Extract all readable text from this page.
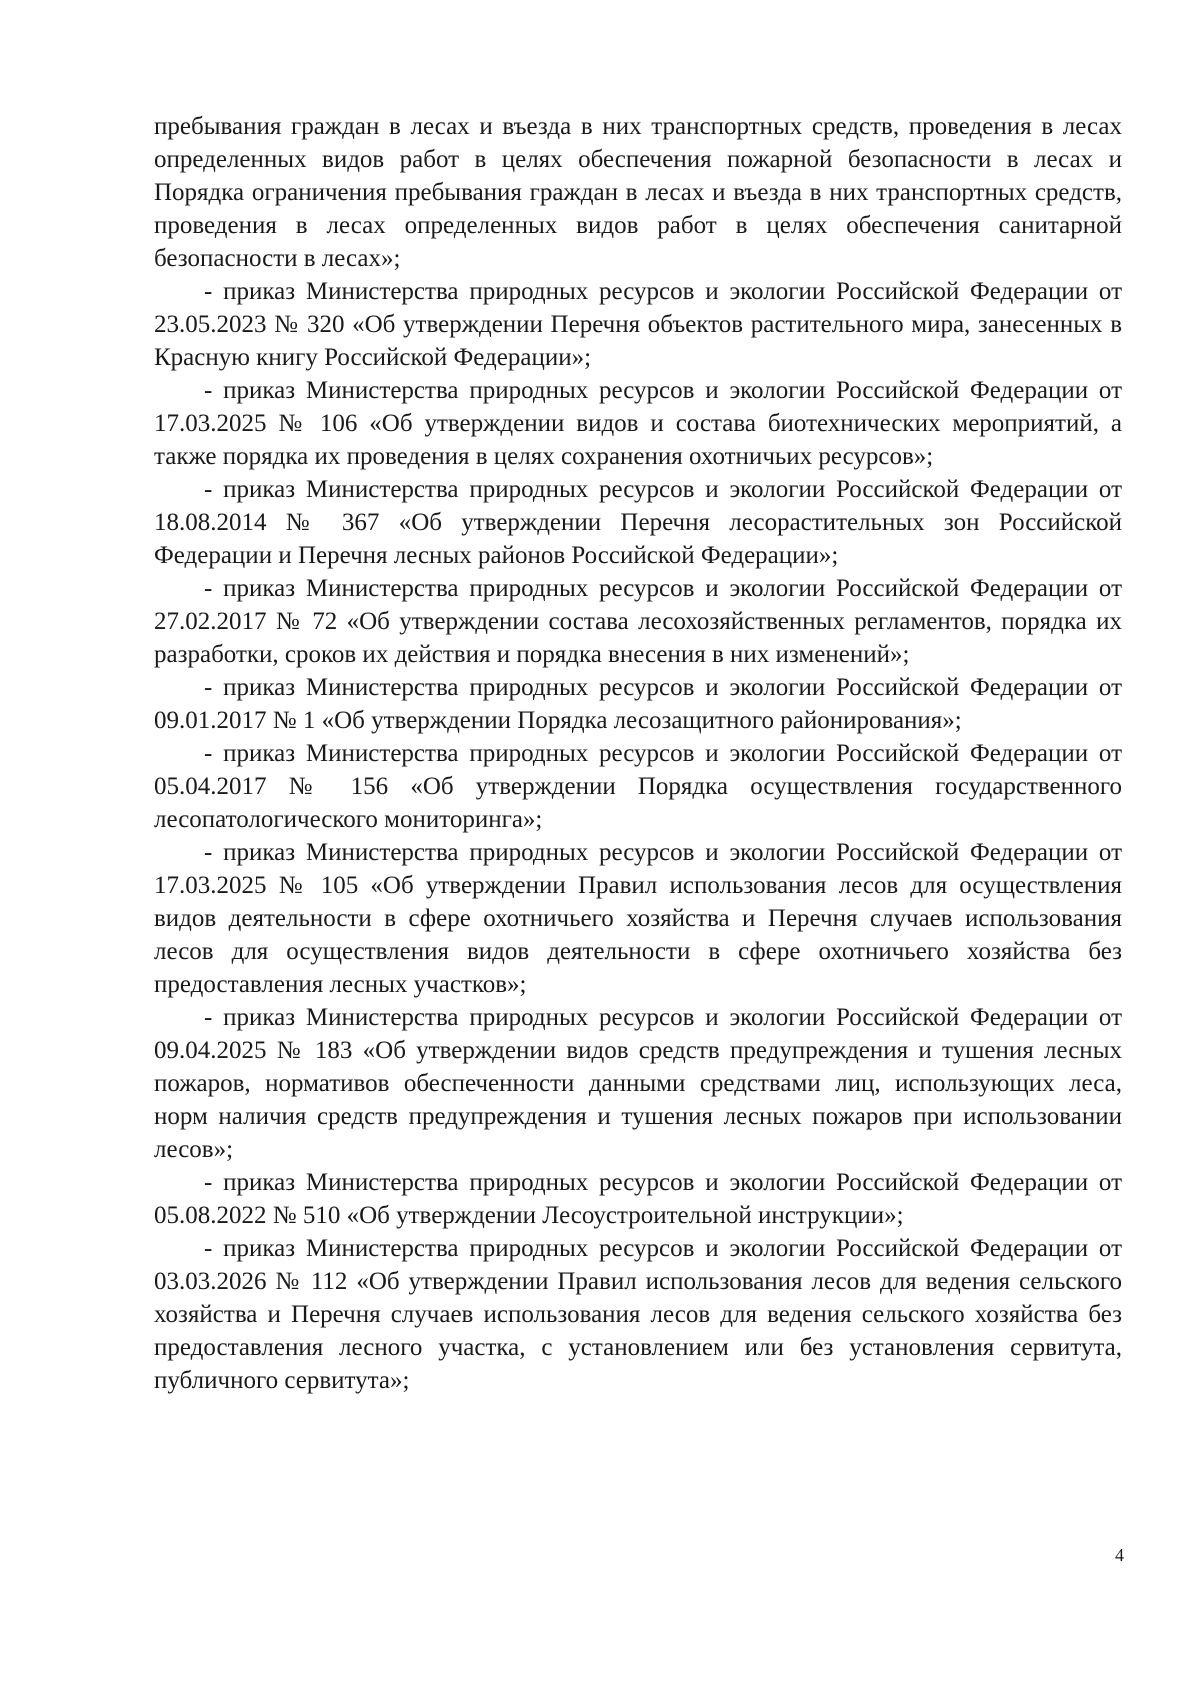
пребывания граждан в лесах и въезда в них транспортных средств, проведения в лесах определенных видов работ в целях обеспечения пожарной безопасности в лесах и Порядка ограничения пребывания граждан в лесах и въезда в них транспортных средств, проведения в лесах определенных видов работ в целях обеспечения санитарной безопасности в лесах»;

- приказ Министерства природных ресурсов и экологии Российской Федерации от 23.05.2023 № 320 «Об утверждении Перечня объектов растительного мира, занесенных в Красную книгу Российской Федерации»;

- приказ Министерства природных ресурсов и экологии Российской Федерации от 17.03.2025 № 106 «Об утверждении видов и состава биотехнических мероприятий, а также порядка их проведения в целях сохранения охотничьих ресурсов»;

- приказ Министерства природных ресурсов и экологии Российской Федерации от 18.08.2014 № 367 «Об утверждении Перечня лесорастительных зон Российской Федерации и Перечня лесных районов Российской Федерации»;

- приказ Министерства природных ресурсов и экологии Российской Федерации от 27.02.2017 № 72 «Об утверждении состава лесохозяйственных регламентов, порядка их разработки, сроков их действия и порядка внесения в них изменений»;

- приказ Министерства природных ресурсов и экологии Российской Федерации от 09.01.2017 № 1 «Об утверждении Порядка лесозащитного районирования»;

- приказ Министерства природных ресурсов и экологии Российской Федерации от 05.04.2017 № 156 «Об утверждении Порядка осуществления государственного лесопатологического мониторинга»;

- приказ Министерства природных ресурсов и экологии Российской Федерации от 17.03.2025 № 105 «Об утверждении Правил использования лесов для осуществления видов деятельности в сфере охотничьего хозяйства и Перечня случаев использования лесов для осуществления видов деятельности в сфере охотничьего хозяйства без предоставления лесных участков»;

- приказ Министерства природных ресурсов и экологии Российской Федерации от 09.04.2025 № 183 «Об утверждении видов средств предупреждения и тушения лесных пожаров, нормативов обеспеченности данными средствами лиц, использующих леса, норм наличия средств предупреждения и тушения лесных пожаров при использовании лесов»;

- приказ Министерства природных ресурсов и экологии Российской Федерации от 05.08.2022 № 510 «Об утверждении Лесоустроительной инструкции»;

- приказ Министерства природных ресурсов и экологии Российской Федерации от 03.03.2026 № 112 «Об утверждении Правил использования лесов для ведения сельского хозяйства и Перечня случаев использования лесов для ведения сельского хозяйства без предоставления лесного участка, с установлением или без установления сервитута, публичного сервитута»;

4
